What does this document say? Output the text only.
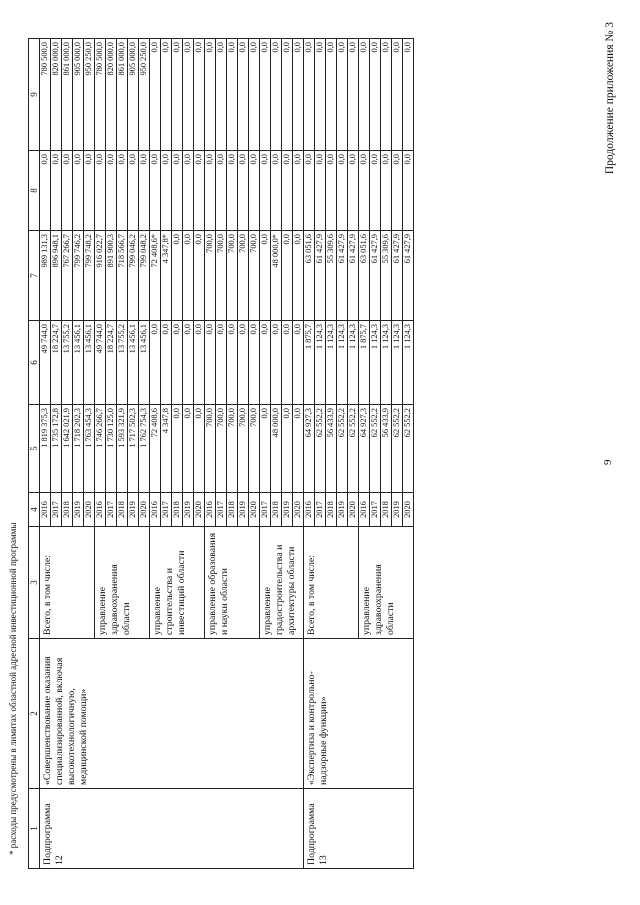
9
Продолжение приложения № 3
1	2	3	4	5	6	7	8	9
Подпрограмма 12	«Совершенствование оказания специализированной, включая высокотехнологичную, медицинской помощи»	Всего, в том числе:	2016	1 819 375,3	49 744,0	989 131,3	0,0	780 500,0
			2017	1 735 172,8	18 224,7	896 948,1	0,0	820 000,0
			2018	1 642 021,9	13 755,2	767 266,7	0,0	861 000,0
			2019	1 718 202,3	13 456,1	799 746,2	0,0	905 000,0
			2020	1 763 454,3	13 456,1	799 748,2	0,0	950 250,0
		управление здравоохранения области	2016	1 746 266,7	49 744,0	916 022,7	0,0	780 500,0
			2017	1 730 125,0	18 224,7	891 900,3	0,0	820 000,0
			2018	1 593 321,9	13 755,2	718 566,7	0,0	861 000,0
			2019	1 717 502,3	13 456,1	799 046,2	0,0	905 000,0
			2020	1 762 754,3	13 456,1	799 048,2	0,0	950 250,0
		управление строительства и инвестиций области	2016	72 408,6	0,0	72 408,6*	0,0	0,0
			2017	4 347,8	0,0	4 347,8*	0,0	0,0
			2018	0,0	0,0	0,0	0,0	0,0
			2019	0,0	0,0	0,0	0,0	0,0
			2020	0,0	0,0	0,0	0,0	0,0
		управление образования и науки области	2016	700,0	0,0	700,0	0,0	0,0
			2017	700,0	0,0	700,0	0,0	0,0
			2018	700,0	0,0	700,0	0,0	0,0
			2019	700,0	0,0	700,0	0,0	0,0
			2020	700,0	0,0	700,0	0,0	0,0
		управление градостроительства и архитектуры области	2017	0,0	0,0	0,0	0,0	0,0
			2018	48 000,0	0,0	48 000,0*	0,0	0,0
			2019	0,0	0,0	0,0	0,0	0,0
			2020	0,0	0,0	0,0	0,0	0,0
Подпрограмма 13	«Экспертиза и контрольно-надзорные функции»	Всего, в том числе:	2016	64 927,3	1 875,7	63 051,6	0,0	0,0
			2017	62 552,2	1 124,3	61 427,9	0,0	0,0
			2018	56 433,9	1 124,3	55 309,6	0,0	0,0
			2019	62 552,2	1 124,3	61 427,9	0,0	0,0
			2020	62 552,2	1 124,3	61 427,9	0,0	0,0
		управление здравоохранения области	2016	64 927,3	1 875,7	63 051,6	0,0	0,0
			2017	62 552,2	1 124,3	61 427,9	0,0	0,0
			2018	56 433,9	1 124,3	55 309,6	0,0	0,0
			2019	62 552,2	1 124,3	61 427,9	0,0	0,0
			2020	62 552,2	1 124,3	61 427,9	0,0	0,0
* расходы предусмотрены в лимитах областной адресной инвестиционной программы
